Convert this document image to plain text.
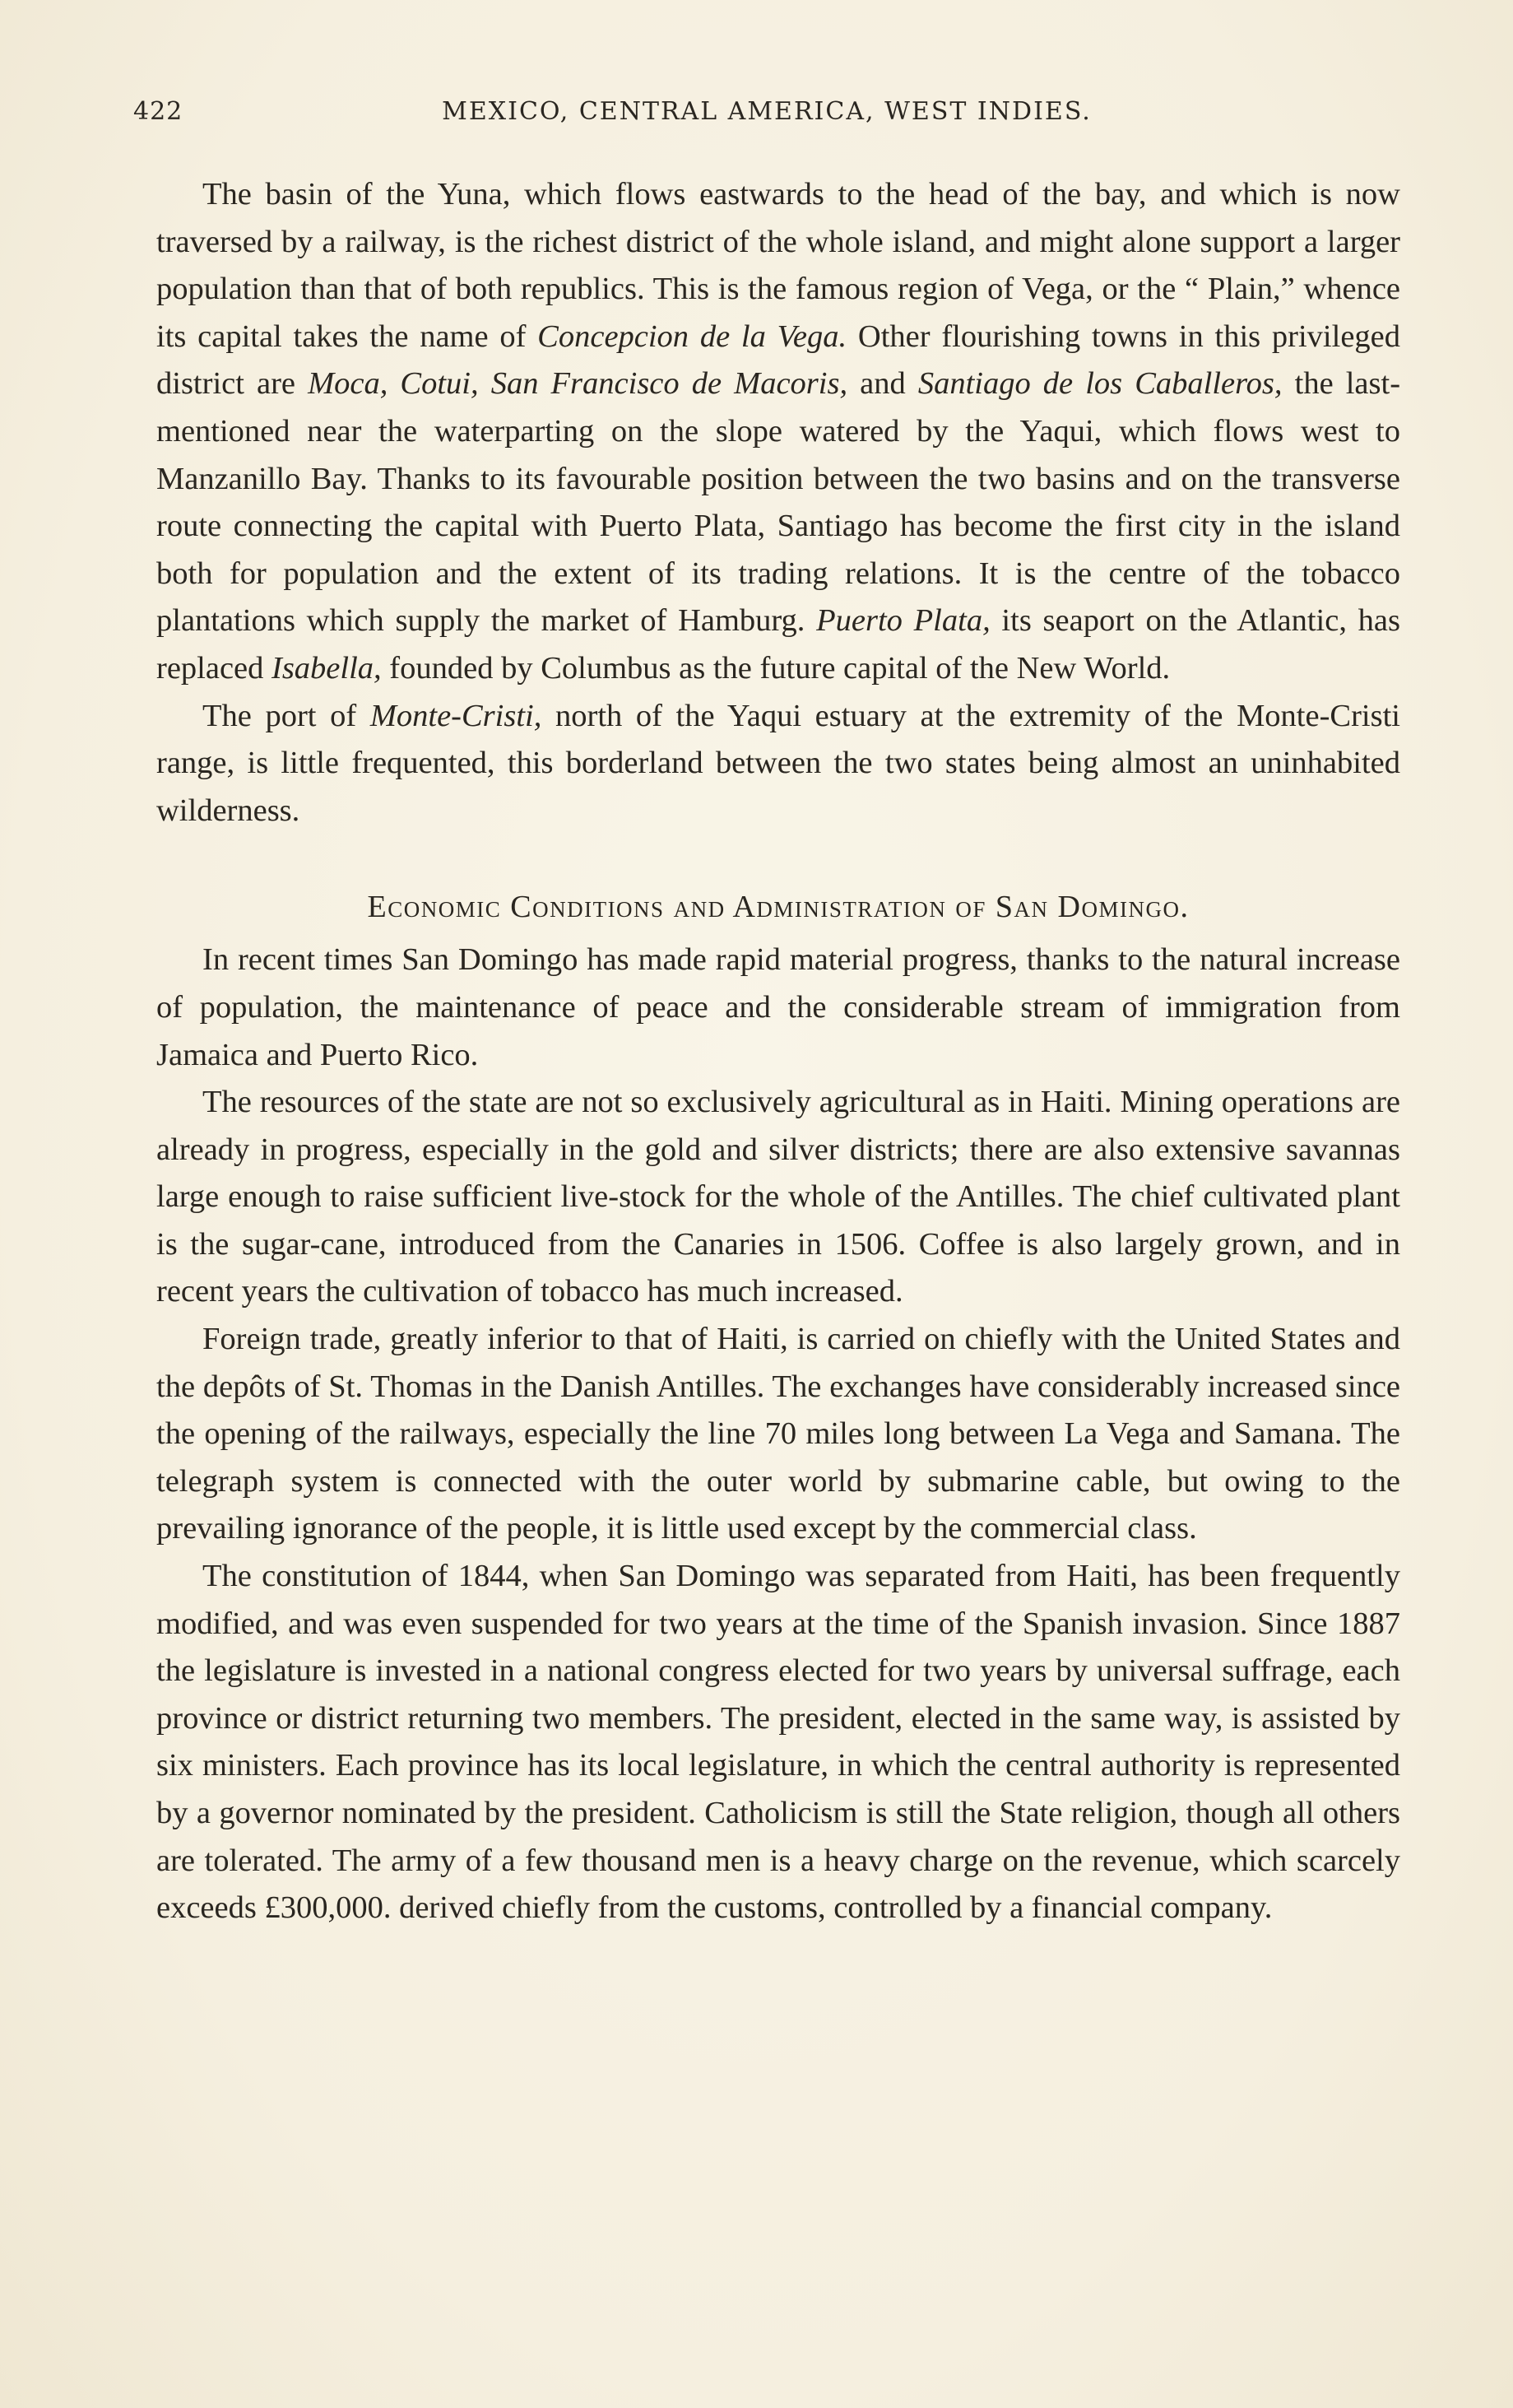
422	MEXICO, CENTRAL AMERICA, WEST INDIES.

The basin of the Yuna, which flows eastwards to the head of the bay, and which is now traversed by a railway, is the richest district of the whole island, and might alone support a larger population than that of both republics. This is the famous region of Vega, or the “ Plain,” whence its capital takes the name of Concepcion de la Vega. Other flourishing towns in this privileged district are Moca, Cotui, San Francisco de Macoris, and Santiago de los Caballeros, the last-mentioned near the waterparting on the slope watered by the Yaqui, which flows west to Manzanillo Bay. Thanks to its favourable position between the two basins and on the transverse route connecting the capital with Puerto Plata, Santiago has become the first city in the island both for population and the extent of its trading relations. It is the centre of the tobacco plantations which supply the market of Hamburg. Puerto Plata, its seaport on the Atlantic, has replaced Isabella, founded by Columbus as the future capital of the New World.

The port of Monte-Cristi, north of the Yaqui estuary at the extremity of the Monte-Cristi range, is little frequented, this borderland between the two states being almost an uninhabited wilderness.

Economic Conditions and Administration of San Domingo.

In recent times San Domingo has made rapid material progress, thanks to the natural increase of population, the maintenance of peace and the considerable stream of immigration from Jamaica and Puerto Rico.

The resources of the state are not so exclusively agricultural as in Haiti. Mining operations are already in progress, especially in the gold and silver districts; there are also extensive savannas large enough to raise sufficient live-stock for the whole of the Antilles. The chief cultivated plant is the sugar-cane, introduced from the Canaries in 1506. Coffee is also largely grown, and in recent years the cultivation of tobacco has much increased.

Foreign trade, greatly inferior to that of Haiti, is carried on chiefly with the United States and the depôts of St. Thomas in the Danish Antilles. The exchanges have considerably increased since the opening of the railways, especially the line 70 miles long between La Vega and Samana. The telegraph system is connected with the outer world by submarine cable, but owing to the prevailing ignorance of the people, it is little used except by the commercial class.

The constitution of 1844, when San Domingo was separated from Haiti, has been frequently modified, and was even suspended for two years at the time of the Spanish invasion. Since 1887 the legislature is invested in a national congress elected for two years by universal suffrage, each province or district returning two members. The president, elected in the same way, is assisted by six ministers. Each province has its local legislature, in which the central authority is represented by a governor nominated by the president. Catholicism is still the State religion, though all others are tolerated. The army of a few thousand men is a heavy charge on the revenue, which scarcely exceeds £300,000. derived chiefly from the customs, controlled by a financial company.
